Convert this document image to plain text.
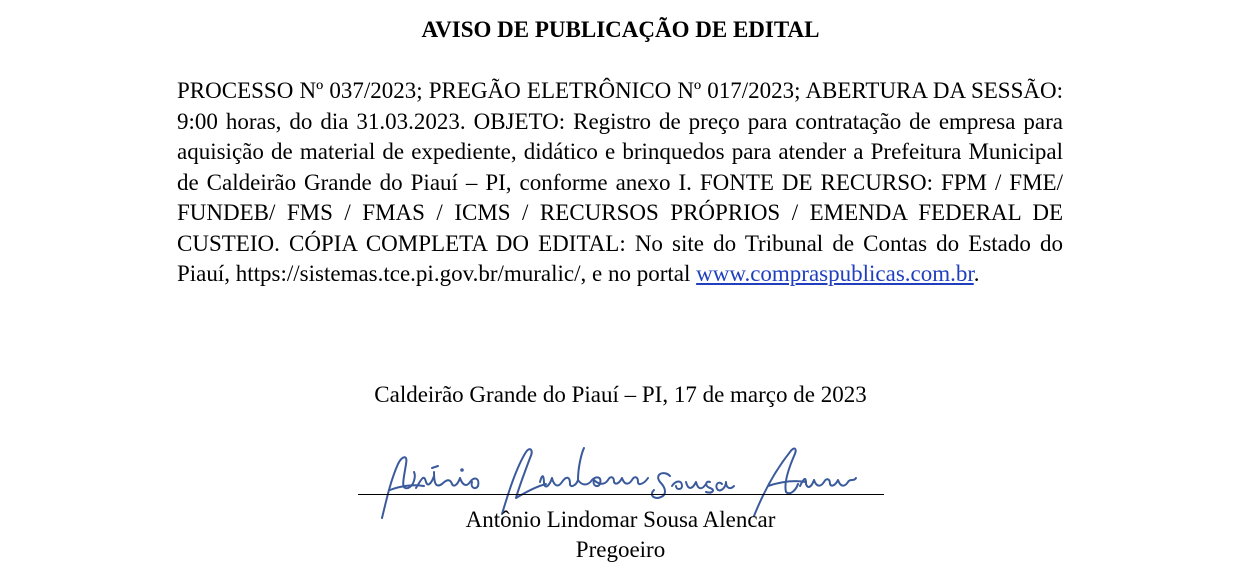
AVISO DE PUBLICAÇÃO DE EDITAL
PROCESSO Nº 037/2023; PREGÃO ELETRÔNICO Nº 017/2023; ABERTURA DA SESSÃO: 9:00 horas, do dia 31.03.2023. OBJETO: Registro de preço para contratação de empresa para aquisição de material de expediente, didático e brinquedos para atender a Prefeitura Municipal de Caldeirão Grande do Piauí – PI, conforme anexo I. FONTE DE RECURSO: FPM / FME/ FUNDEB/ FMS / FMAS / ICMS / RECURSOS PRÓPRIOS / EMENDA FEDERAL DE CUSTEIO. CÓPIA COMPLETA DO EDITAL: No site do Tribunal de Contas do Estado do Piauí, https://sistemas.tce.pi.gov.br/muralic/, e no portal www.compraspublicas.com.br.
Caldeirão Grande do Piauí – PI, 17 de março de 2023
Antônio Lindomar Sousa Alencar
Pregoeiro
